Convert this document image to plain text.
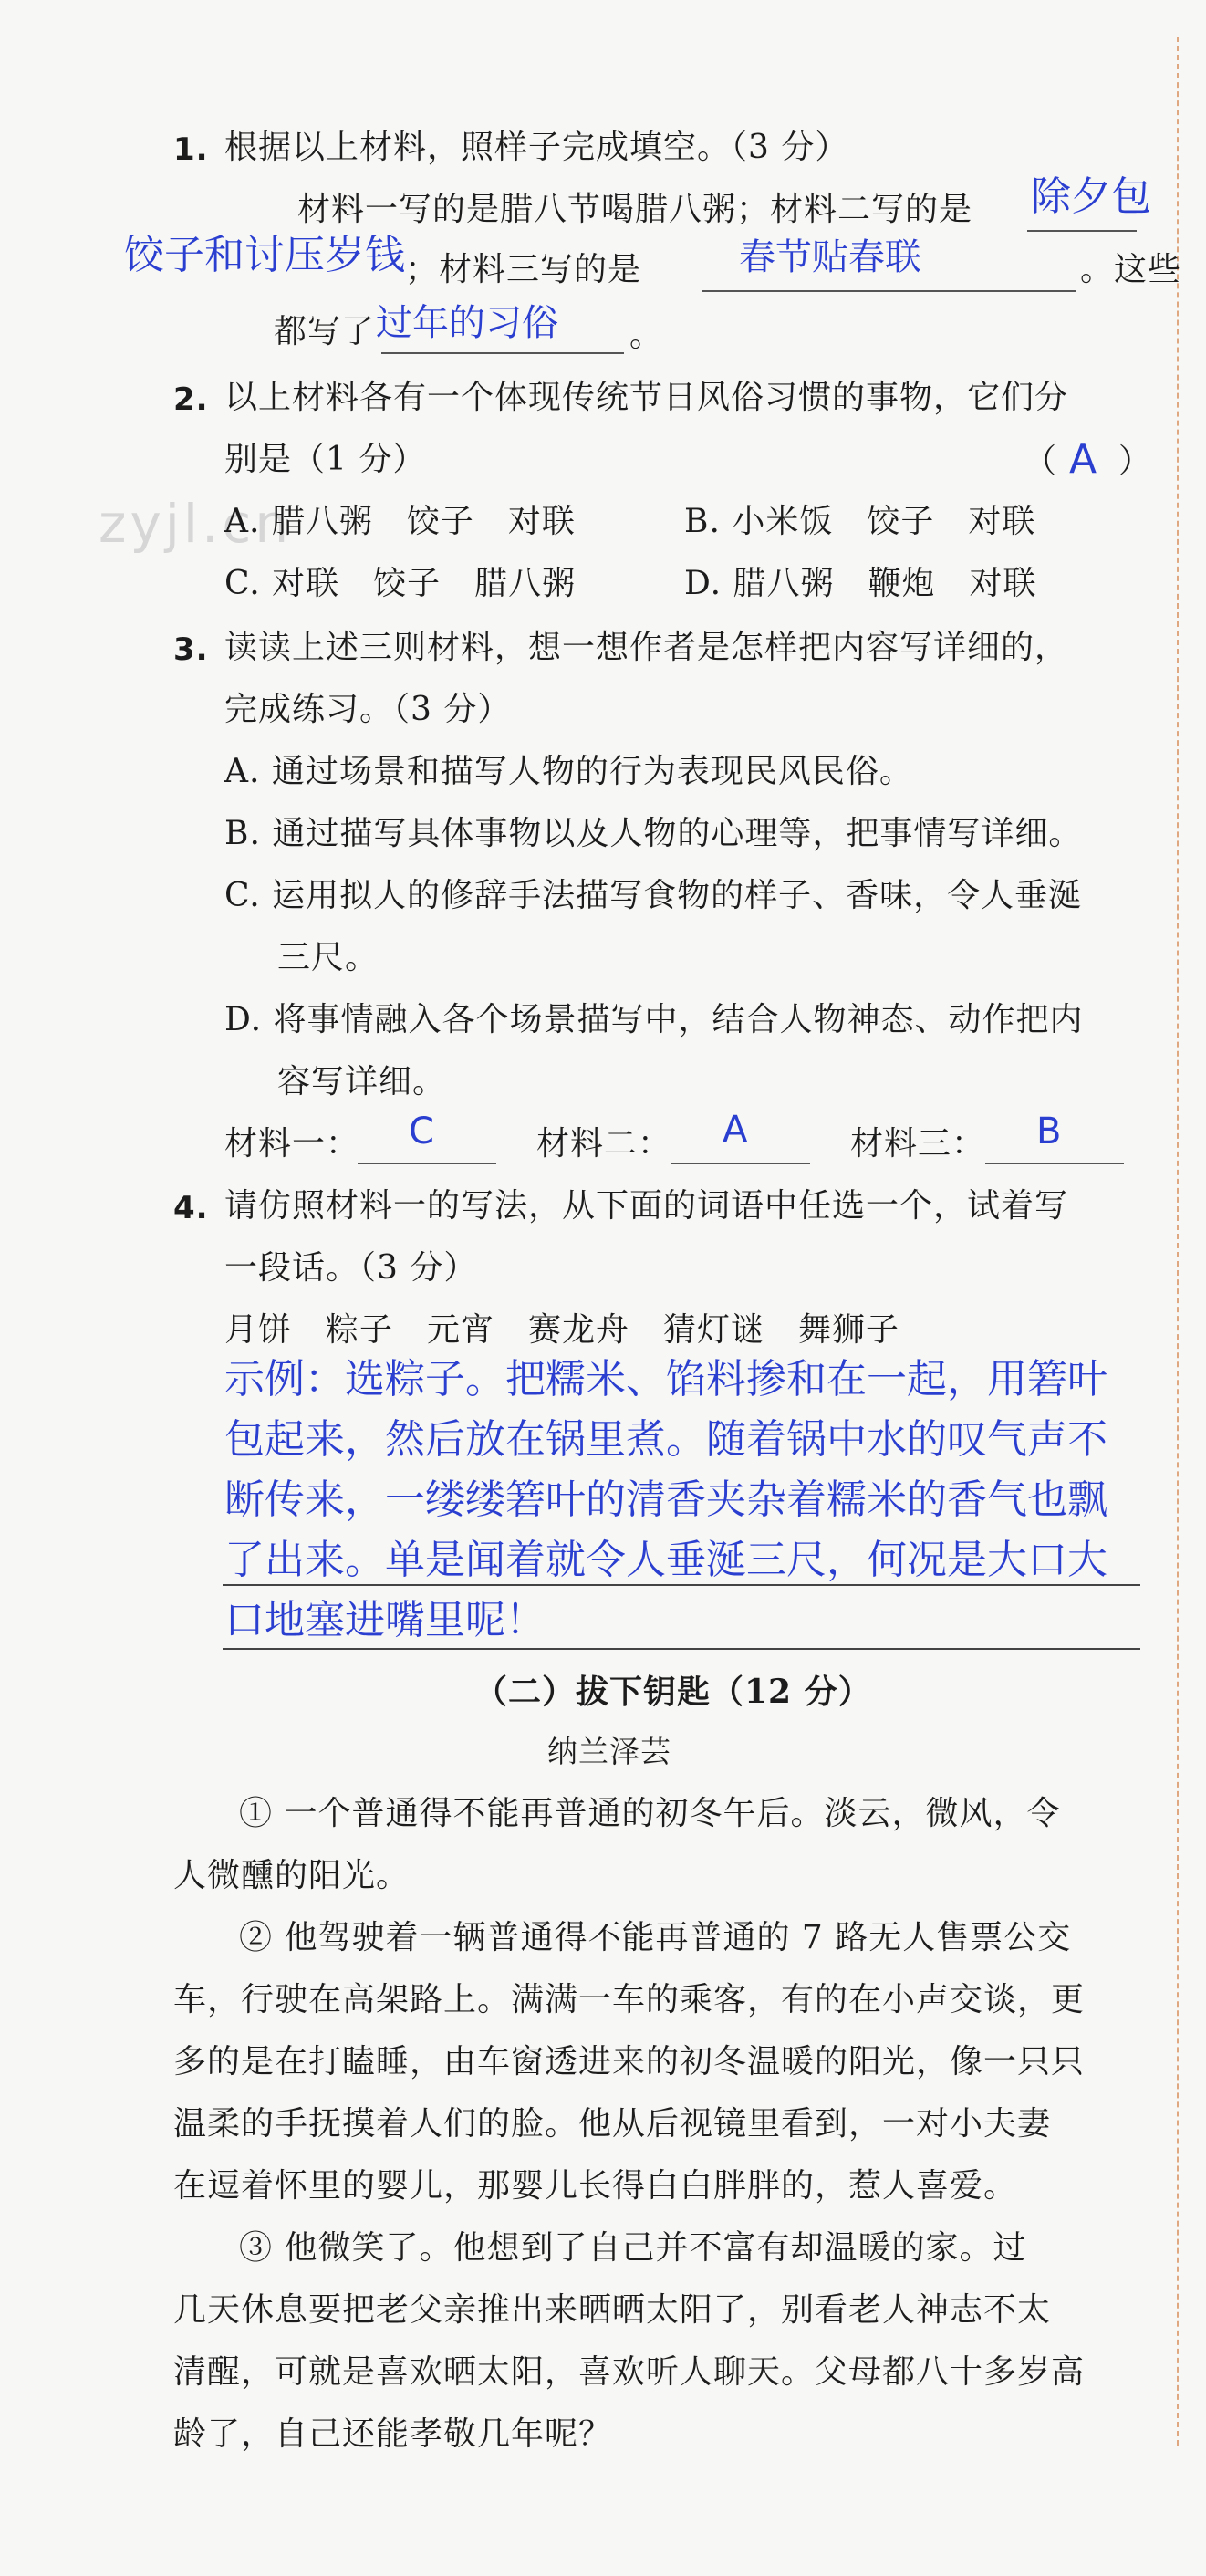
zyjl.cn
1. 根据以上材料，照样子完成填空。（3 分）
材料一写的是腊八节喝腊八粥；材料二写的是 除夕包
饺子和讨压岁钱 ；材料三写的是	春节贴春联	。这些
都写了 过年的习俗 。
2. 以上材料各有一个体现传统节日风俗习惯的事物，它们分
别是（1 分）	（ A ）
A. 腊八粥　饺子　对联	B. 小米饭　饺子　对联
C. 对联　饺子　腊八粥	D. 腊八粥　鞭炮　对联
3. 读读上述三则材料，想一想作者是怎样把内容写详细的，
完成练习。（3 分）
A. 通过场景和描写人物的行为表现民风民俗。
B. 通过描写具体事物以及人物的心理等，把事情写详细。
C. 运用拟人的修辞手法描写食物的样子、香味，令人垂涎
三尺。
D. 将事情融入各个场景描写中，结合人物神态、动作把内
容写详细。
材料一： C	材料二： A	材料三： B
4. 请仿照材料一的写法，从下面的词语中任选一个，试着写
一段话。（3 分）
月饼　粽子　元宵　赛龙舟　猜灯谜　舞狮子
示例：选粽子。把糯米、馅料掺和在一起，用箬叶
包起来，然后放在锅里煮。随着锅中水的叹气声不
断传来，一缕缕箬叶的清香夹杂着糯米的香气也飘
了出来。单是闻着就令人垂涎三尺，何况是大口大
口地塞进嘴里呢！
（二）拔下钥匙（12 分）
纳兰泽芸
① 一个普通得不能再普通的初冬午后。淡云，微风，令
人微醺的阳光。
② 他驾驶着一辆普通得不能再普通的 7 路无人售票公交
车，行驶在高架路上。满满一车的乘客，有的在小声交谈，更
多的是在打瞌睡，由车窗透进来的初冬温暖的阳光，像一只只
温柔的手抚摸着人们的脸。他从后视镜里看到，一对小夫妻
在逗着怀里的婴儿，那婴儿长得白白胖胖的，惹人喜爱。
③ 他微笑了。他想到了自己并不富有却温暖的家。过
几天休息要把老父亲推出来晒晒太阳了，别看老人神志不太
清醒，可就是喜欢晒太阳，喜欢听人聊天。父母都八十多岁高
龄了，自己还能孝敬几年呢？
